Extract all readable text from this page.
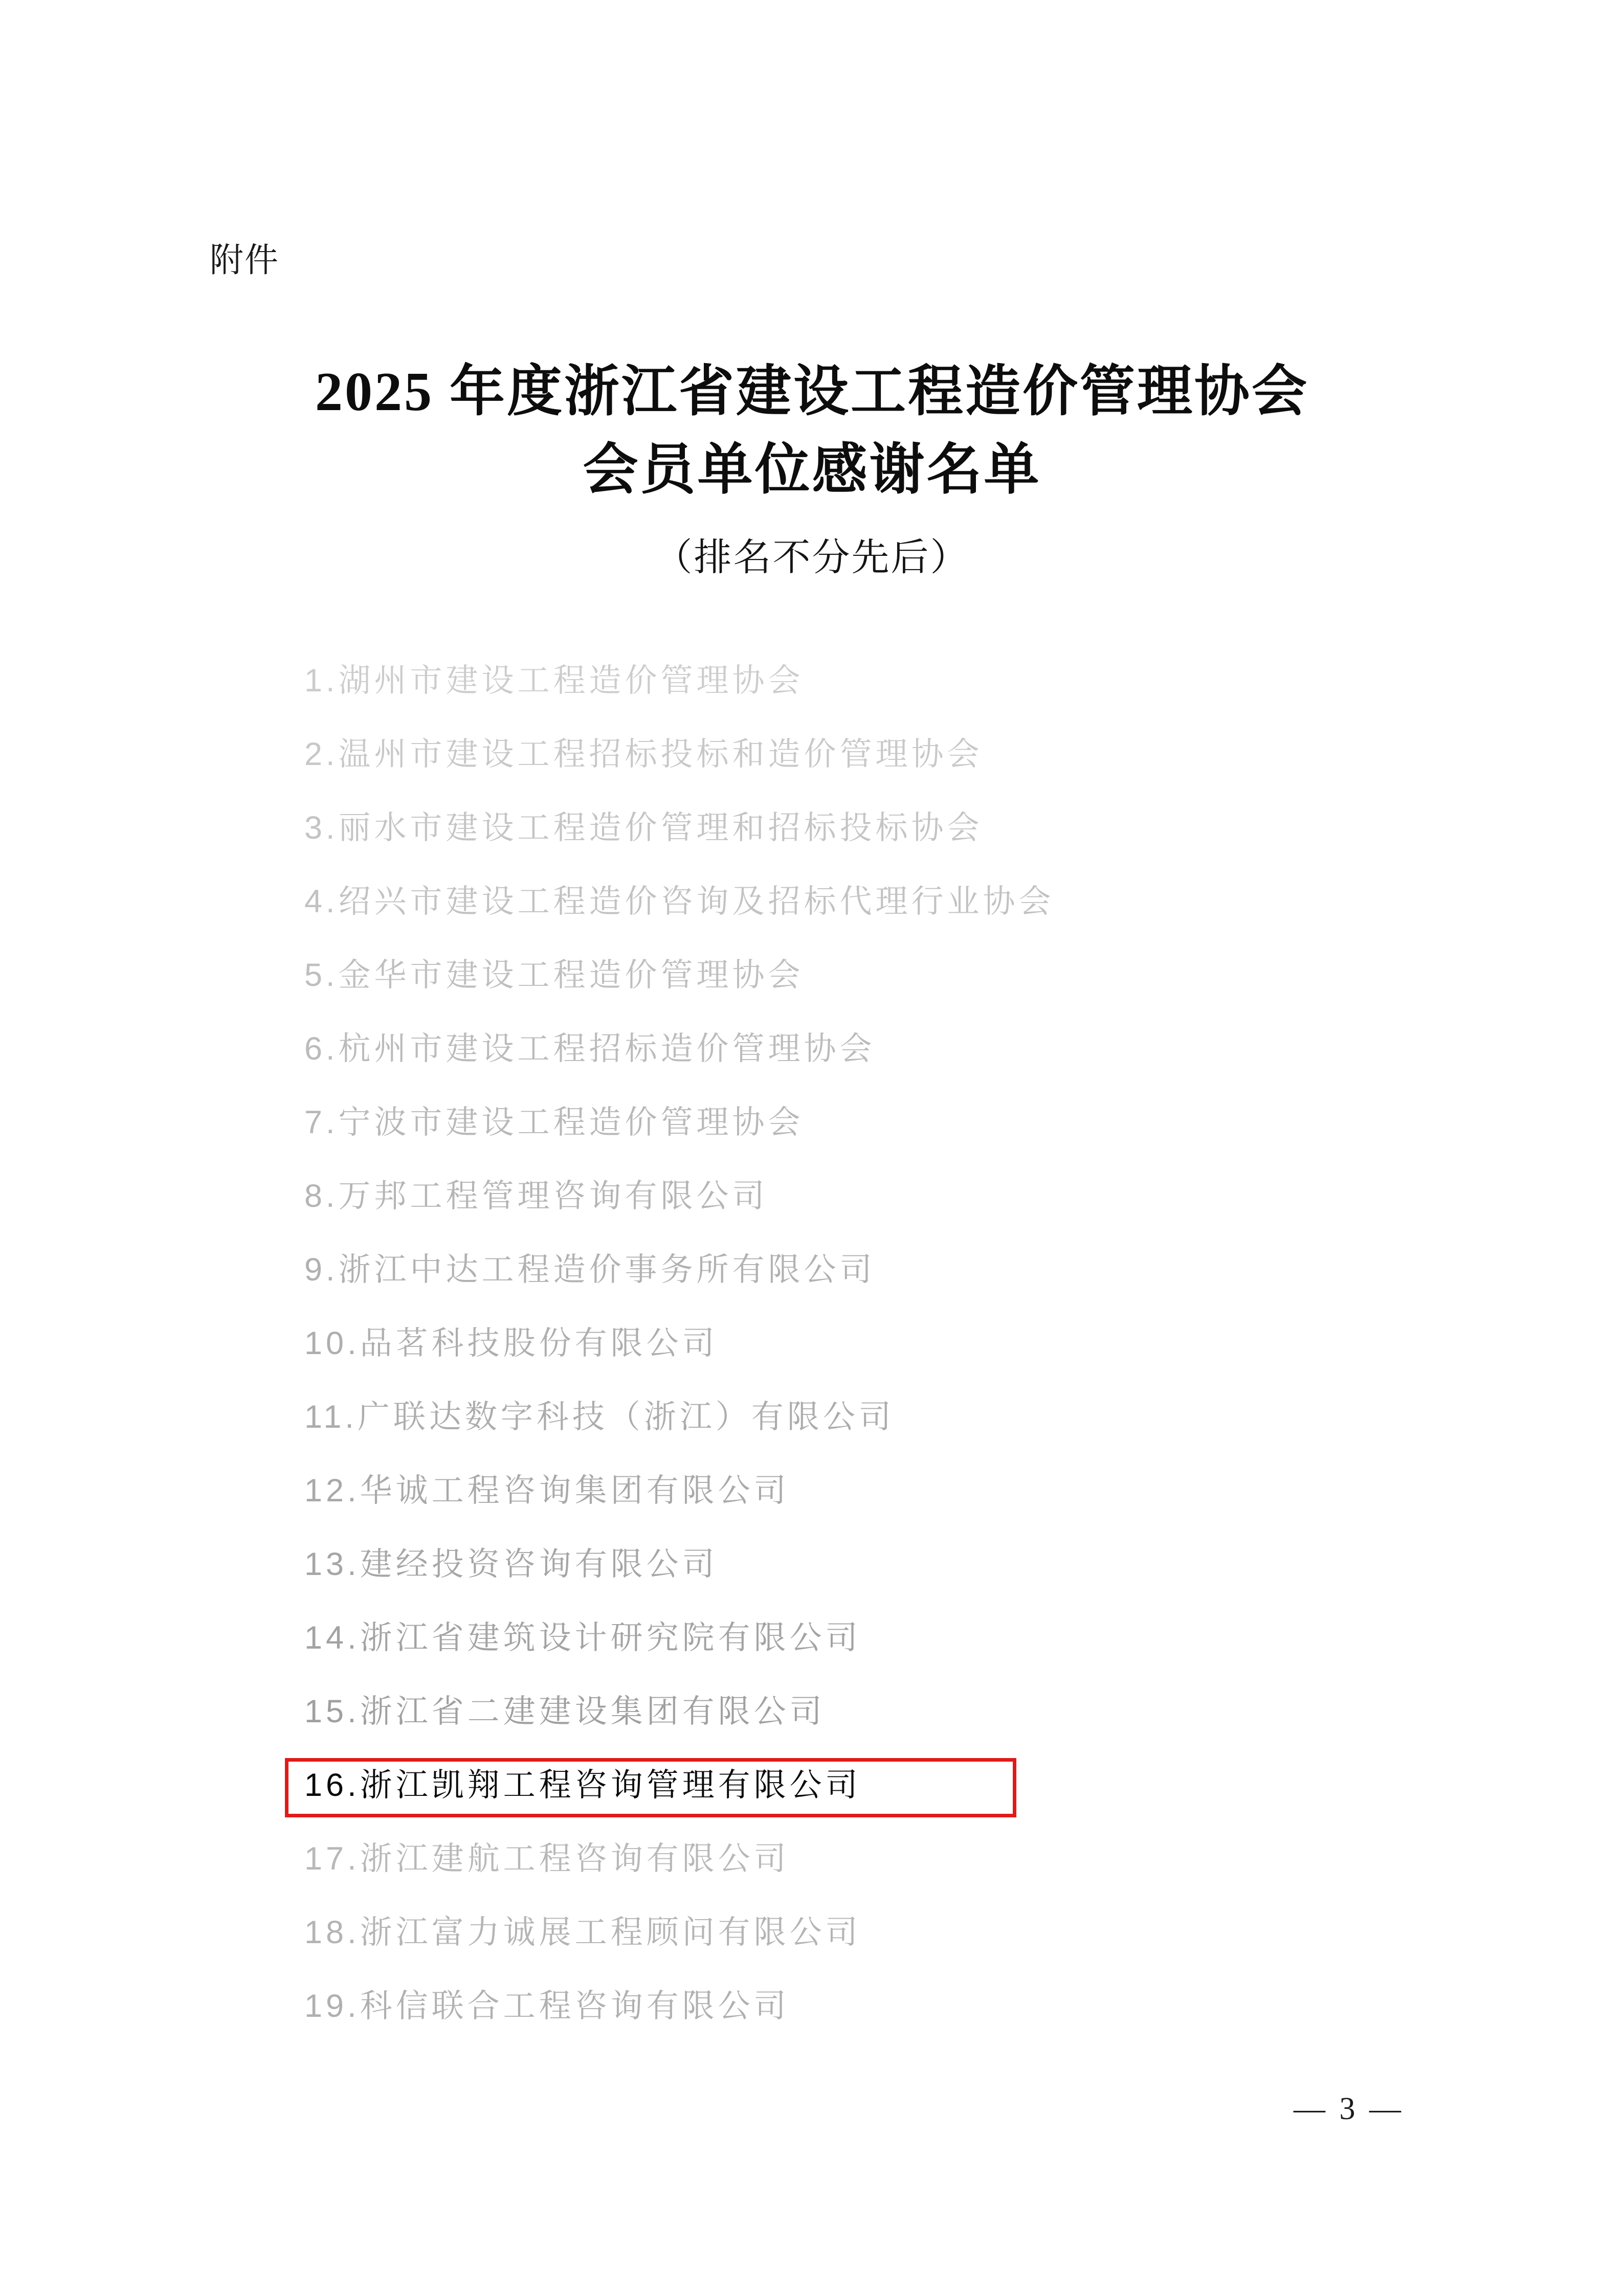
附件
2025 年度浙江省建设工程造价管理协会
会员单位感谢名单
（排名不分先后）
1.湖州市建设工程造价管理协会
2.温州市建设工程招标投标和造价管理协会
3.丽水市建设工程造价管理和招标投标协会
4.绍兴市建设工程造价咨询及招标代理行业协会
5.金华市建设工程造价管理协会
6.杭州市建设工程招标造价管理协会
7.宁波市建设工程造价管理协会
8.万邦工程管理咨询有限公司
9.浙江中达工程造价事务所有限公司
10.品茗科技股份有限公司
11.广联达数字科技（浙江）有限公司
12.华诚工程咨询集团有限公司
13.建经投资咨询有限公司
14.浙江省建筑设计研究院有限公司
15.浙江省二建建设集团有限公司
16.浙江凯翔工程咨询管理有限公司
17.浙江建航工程咨询有限公司
18.浙江富力诚展工程顾问有限公司
19.科信联合工程咨询有限公司
— 3 —
